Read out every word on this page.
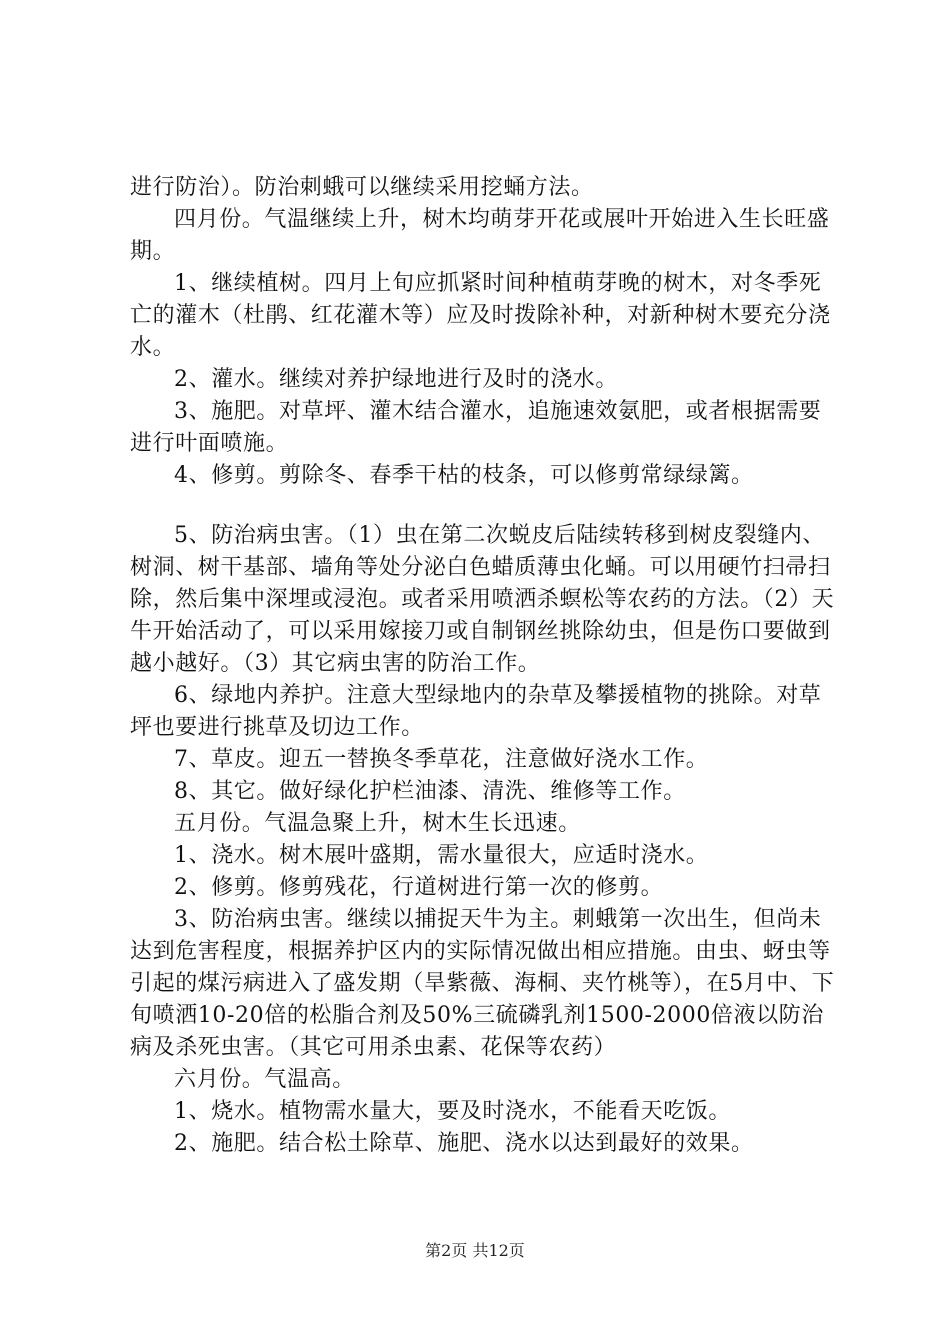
进行防治）。防治刺蛾可以继续采用挖蛹方法。

四月份。气温继续上升，树木均萌芽开花或展叶开始进入生长旺盛期。

1、继续植树。四月上旬应抓紧时间种植萌芽晚的树木，对冬季死亡的灌木（杜鹃、红花灌木等）应及时拨除补种，对新种树木要充分浇水。

2、灌水。继续对养护绿地进行及时的浇水。

3、施肥。对草坪、灌木结合灌水，追施速效氨肥，或者根据需要进行叶面喷施。

4、修剪。剪除冬、春季干枯的枝条，可以修剪常绿绿篱。

5、防治病虫害。（1）虫在第二次蜕皮后陆续转移到树皮裂缝内、树洞、树干基部、墙角等处分泌白色蜡质薄虫化蛹。可以用硬竹扫帚扫除，然后集中深埋或浸泡。或者采用喷洒杀螟松等农药的方法。（2）天牛开始活动了，可以采用嫁接刀或自制钢丝挑除幼虫，但是伤口要做到越小越好。（3）其它病虫害的防治工作。

6、绿地内养护。注意大型绿地内的杂草及攀援植物的挑除。对草坪也要进行挑草及切边工作。

7、草皮。迎五一替换冬季草花，注意做好浇水工作。

8、其它。做好绿化护栏油漆、清洗、维修等工作。

五月份。气温急聚上升，树木生长迅速。

1、浇水。树木展叶盛期，需水量很大，应适时浇水。

2、修剪。修剪残花，行道树进行第一次的修剪。

3、防治病虫害。继续以捕捉天牛为主。刺蛾第一次出生，但尚未达到危害程度，根据养护区内的实际情况做出相应措施。由虫、蚜虫等引起的煤污病进入了盛发期（旱紫薇、海桐、夹竹桃等），在5月中、下旬喷洒10-20倍的松脂合剂及50%三硫磷乳剂1500-2000倍液以防治病及杀死虫害。（其它可用杀虫素、花保等农药）

六月份。气温高。

1、烧水。植物需水量大，要及时浇水，不能看天吃饭。

2、施肥。结合松土除草、施肥、浇水以达到最好的效果。

第2页 共12页
